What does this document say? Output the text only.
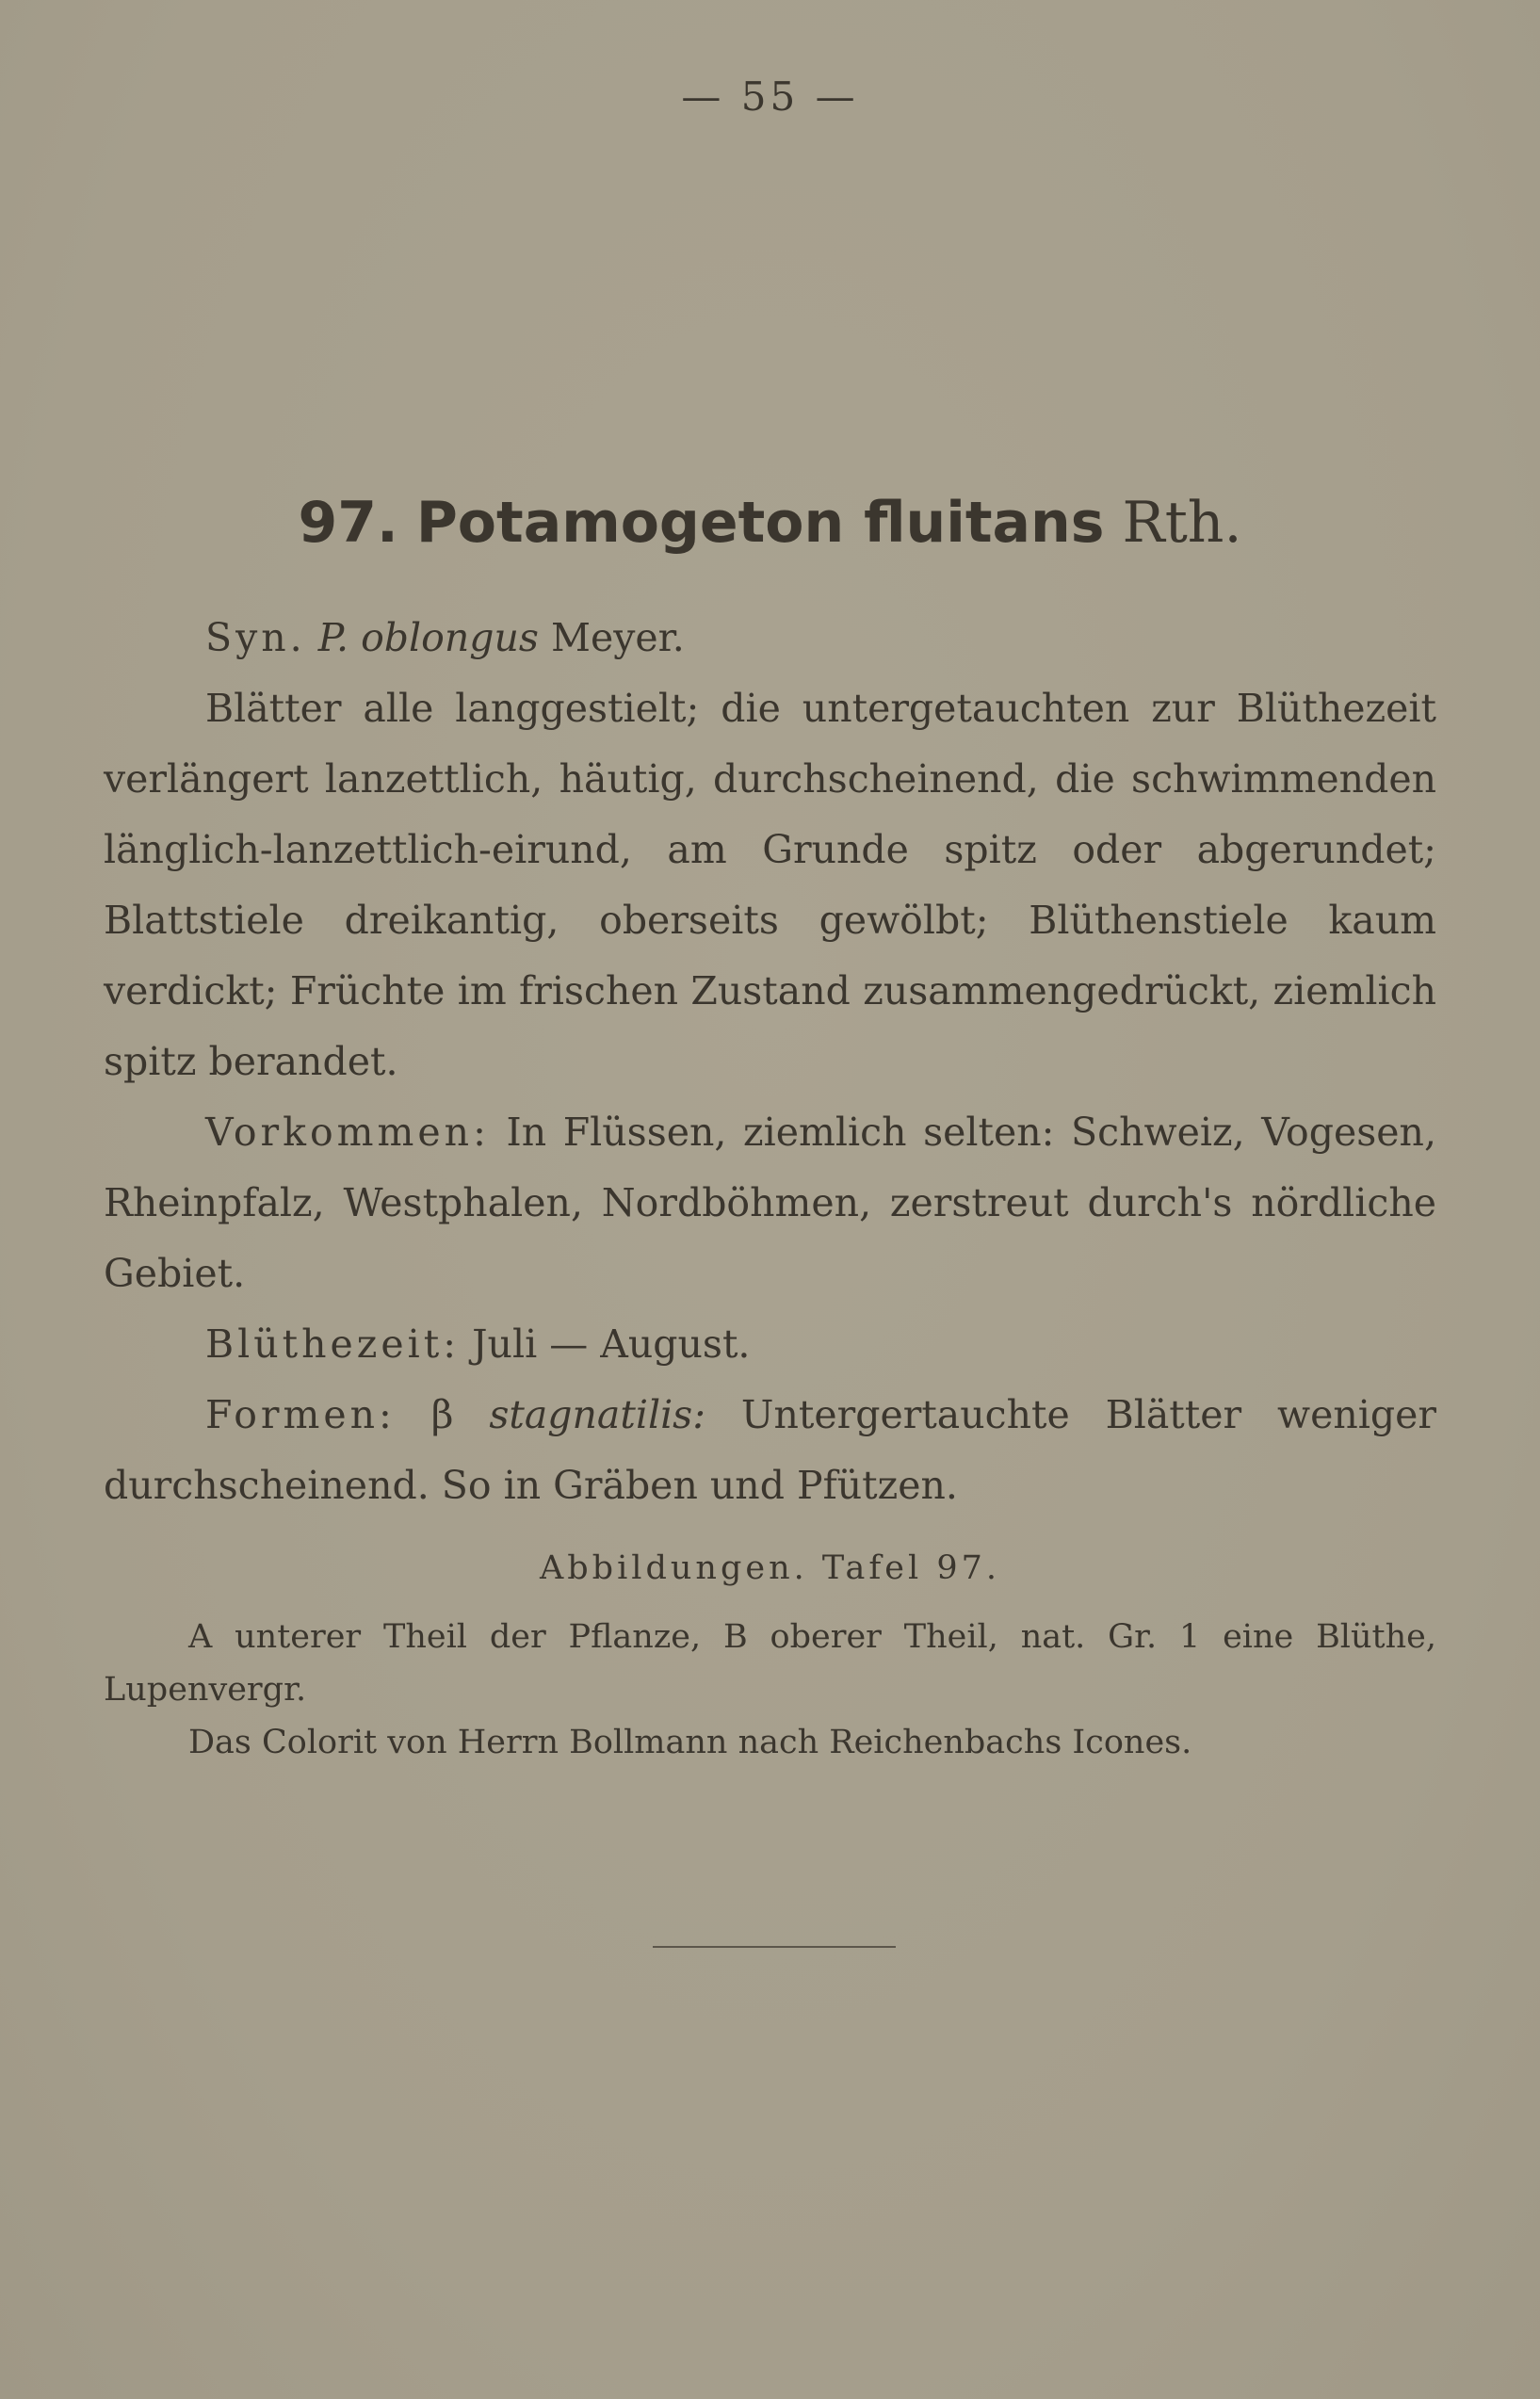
— 55 —
97. Potamogeton fluitans Rth.

Syn. P. oblongus Meyer.

Blätter alle langgestielt; die untergetauchten zur Blüthezeit verlängert lanzettlich, häutig, durchscheinend, die schwimmenden länglich-lanzettlich-eirund, am Grunde spitz oder abgerundet; Blattstiele dreikantig, oberseits gewölbt; Blüthenstiele kaum verdickt; Früchte im frischen Zustand zusammengedrückt, ziemlich spitz berandet.

Vorkommen: In Flüssen, ziemlich selten: Schweiz, Vogesen, Rheinpfalz, Westphalen, Nordböhmen, zerstreut durch's nördliche Gebiet.

Blüthezeit: Juli — August.

Formen: β stagnatilis: Untergertauchte Blätter weniger durchscheinend. So in Gräben und Pfützen.

Abbildungen. Tafel 97.

A unterer Theil der Pflanze, B oberer Theil, nat. Gr. 1 eine Blüthe, Lupenvergr.

Das Colorit von Herrn Bollmann nach Reichenbachs Icones.
